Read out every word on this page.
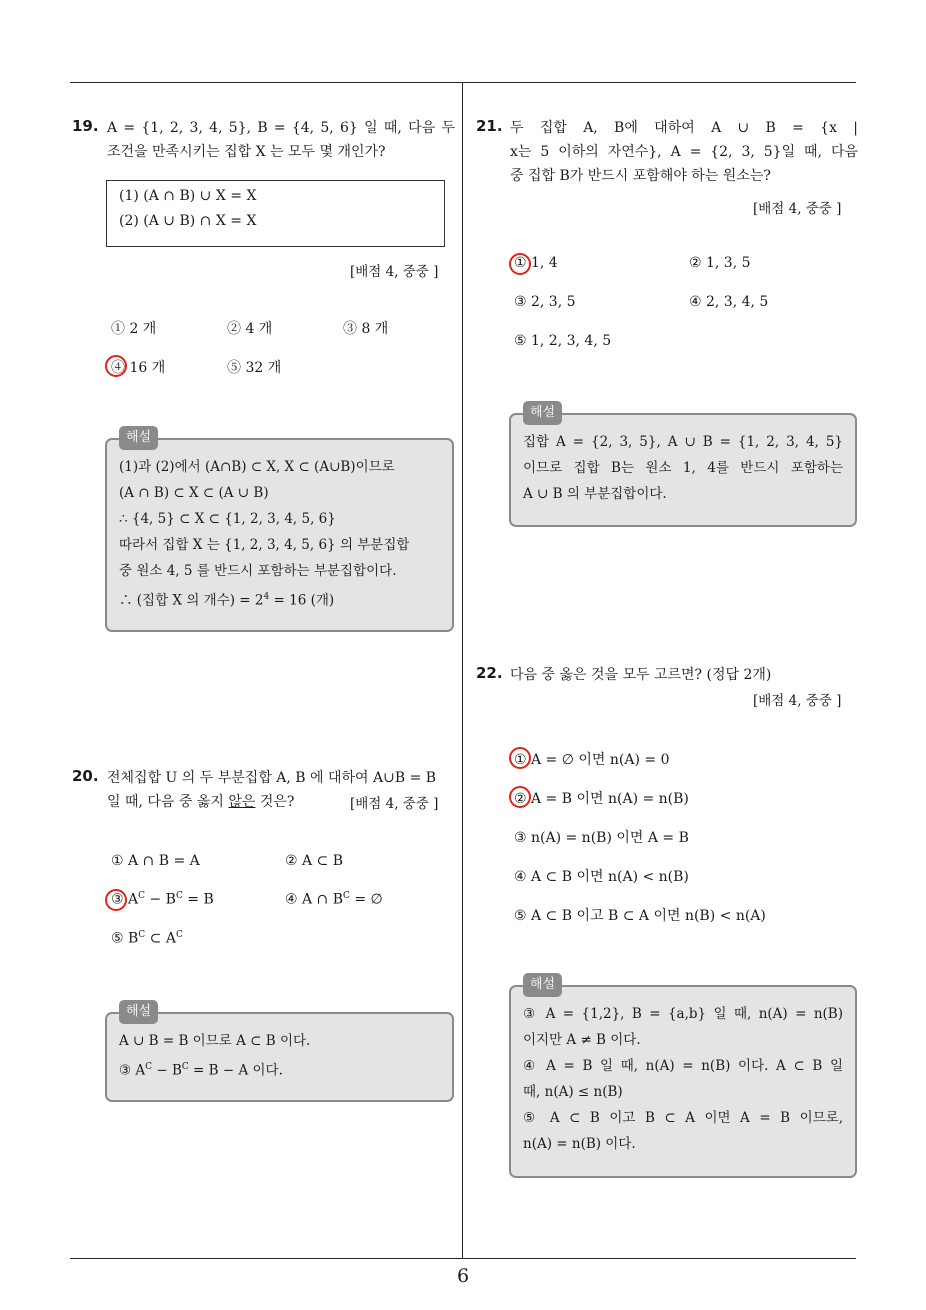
6
19. A = {1, 2, 3, 4, 5}, B = {4, 5, 6} 일 때, 다음 두
조건을 만족시키는 집합 X 는 모두 몇 개인가?
(1) (A ∩ B) ∪ X = X
(2) (A ∪ B) ∩ X = X
[배점 4, 중중 ]
① 2 개	② 4 개	③ 8 개
④ 16 개	⑤ 32 개
해설
(1)과 (2)에서 (A∩B) ⊂ X, X ⊂ (A∪B)이므로
(A ∩ B) ⊂ X ⊂ (A ∪ B)
∴ {4, 5} ⊂ X ⊂ {1, 2, 3, 4, 5, 6}
따라서 집합 X 는 {1, 2, 3, 4, 5, 6} 의 부분집합
중 원소 4, 5 를 반드시 포함하는 부분집합이다.
∴ (집합 X 의 개수) = $2^4 = 16$ (개)
20. 전체집합 U 의 두 부분집합 A, B 에 대하여 A∪B = B
일 때, 다음 중 옳지 않은 것은?	[배점 4, 중중 ]
① A ∩ B = A	② A ⊂ B
③ $A^C - B^C = B$	④ A ∩ $B^C$ = ∅
⑤ $B^C$ ⊂ $A^C$
해설
A ∪ B = B 이므로 A ⊂ B 이다.
③ $A^C - B^C = B - A$ 이다.
21. 두 집합 A, B에 대하여 A ∪ B = {x |
x는 5 이하의 자연수}, A = {2, 3, 5}일 때, 다음
중 집합 B가 반드시 포함해야 하는 원소는?
[배점 4, 중중 ]
① 1, 4	② 1, 3, 5
③ 2, 3, 5	④ 2, 3, 4, 5
⑤ 1, 2, 3, 4, 5
해설
집합 A = {2, 3, 5}, A ∪ B = {1, 2, 3, 4, 5}
이므로 집합 B는 원소 1, 4를 반드시 포함하는
A ∪ B 의 부분집합이다.
22. 다음 중 옳은 것을 모두 고르면? (정답 2개)
[배점 4, 중중 ]
① A = ∅ 이면 n(A) = 0
② A = B 이면 n(A) = n(B)
③ n(A) = n(B) 이면 A = B
④ A ⊂ B 이면 n(A) < n(B)
⑤ A ⊂ B 이고 B ⊂ A 이면 n(B) < n(A)
해설
③ A = {1,2}, B = {a,b} 일 때, n(A) = n(B)
이지만 A ≠ B 이다.
④ A = B 일 때, n(A) = n(B) 이다. A ⊂ B 일
때, n(A) ≤ n(B)
⑤ A ⊂ B 이고 B ⊂ A 이면 A = B 이므로,
n(A) = n(B) 이다.
